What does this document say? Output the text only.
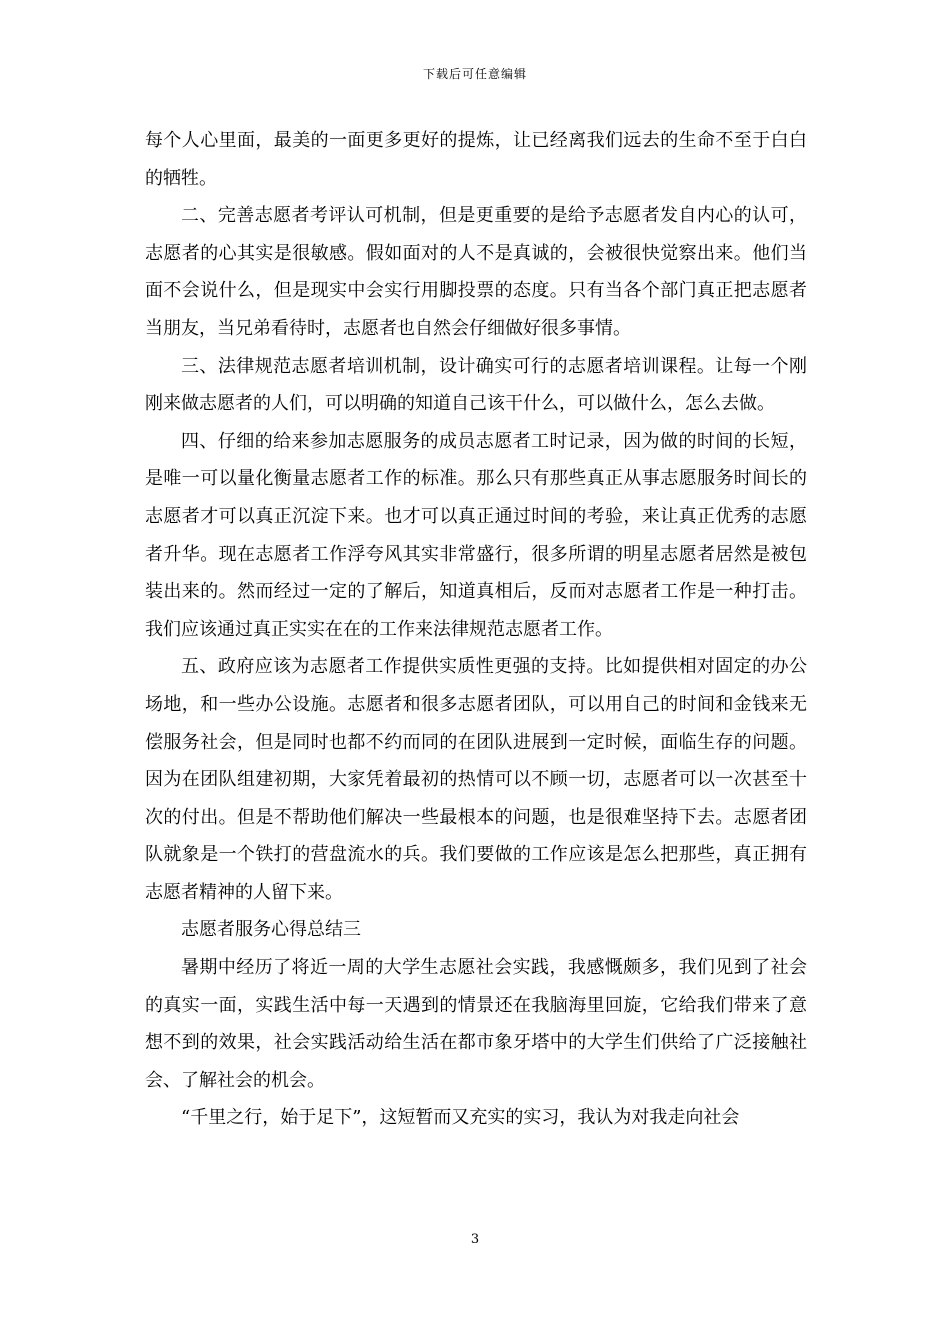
下载后可任意编辑

每个人心里面，最美的一面更多更好的提炼，让已经离我们远去的生命不至于白白的牺牲。

二、完善志愿者考评认可机制，但是更重要的是给予志愿者发自内心的认可，志愿者的心其实是很敏感。假如面对的人不是真诚的，会被很快觉察出来。他们当面不会说什么，但是现实中会实行用脚投票的态度。只有当各个部门真正把志愿者当朋友，当兄弟看待时，志愿者也自然会仔细做好很多事情。

三、法律规范志愿者培训机制，设计确实可行的志愿者培训课程。让每一个刚刚来做志愿者的人们，可以明确的知道自己该干什么，可以做什么，怎么去做。

四、仔细的给来参加志愿服务的成员志愿者工时记录，因为做的时间的长短，是唯一可以量化衡量志愿者工作的标准。那么只有那些真正从事志愿服务时间长的志愿者才可以真正沉淀下来。也才可以真正通过时间的考验，来让真正优秀的志愿者升华。现在志愿者工作浮夸风其实非常盛行，很多所谓的明星志愿者居然是被包装出来的。然而经过一定的了解后，知道真相后，反而对志愿者工作是一种打击。我们应该通过真正实实在在的工作来法律规范志愿者工作。

五、政府应该为志愿者工作提供实质性更强的支持。比如提供相对固定的办公场地，和一些办公设施。志愿者和很多志愿者团队，可以用自己的时间和金钱来无偿服务社会，但是同时也都不约而同的在团队进展到一定时候，面临生存的问题。因为在团队组建初期，大家凭着最初的热情可以不顾一切，志愿者可以一次甚至十次的付出。但是不帮助他们解决一些最根本的问题，也是很难坚持下去。志愿者团队就象是一个铁打的营盘流水的兵。我们要做的工作应该是怎么把那些，真正拥有志愿者精神的人留下来。

志愿者服务心得总结三

暑期中经历了将近一周的大学生志愿社会实践，我感慨颇多，我们见到了社会的真实一面，实践生活中每一天遇到的情景还在我脑海里回旋，它给我们带来了意想不到的效果，社会实践活动给生活在都市象牙塔中的大学生们供给了广泛接触社会、了解社会的机会。

“千里之行，始于足下”，这短暂而又充实的实习，我认为对我走向社会

3
